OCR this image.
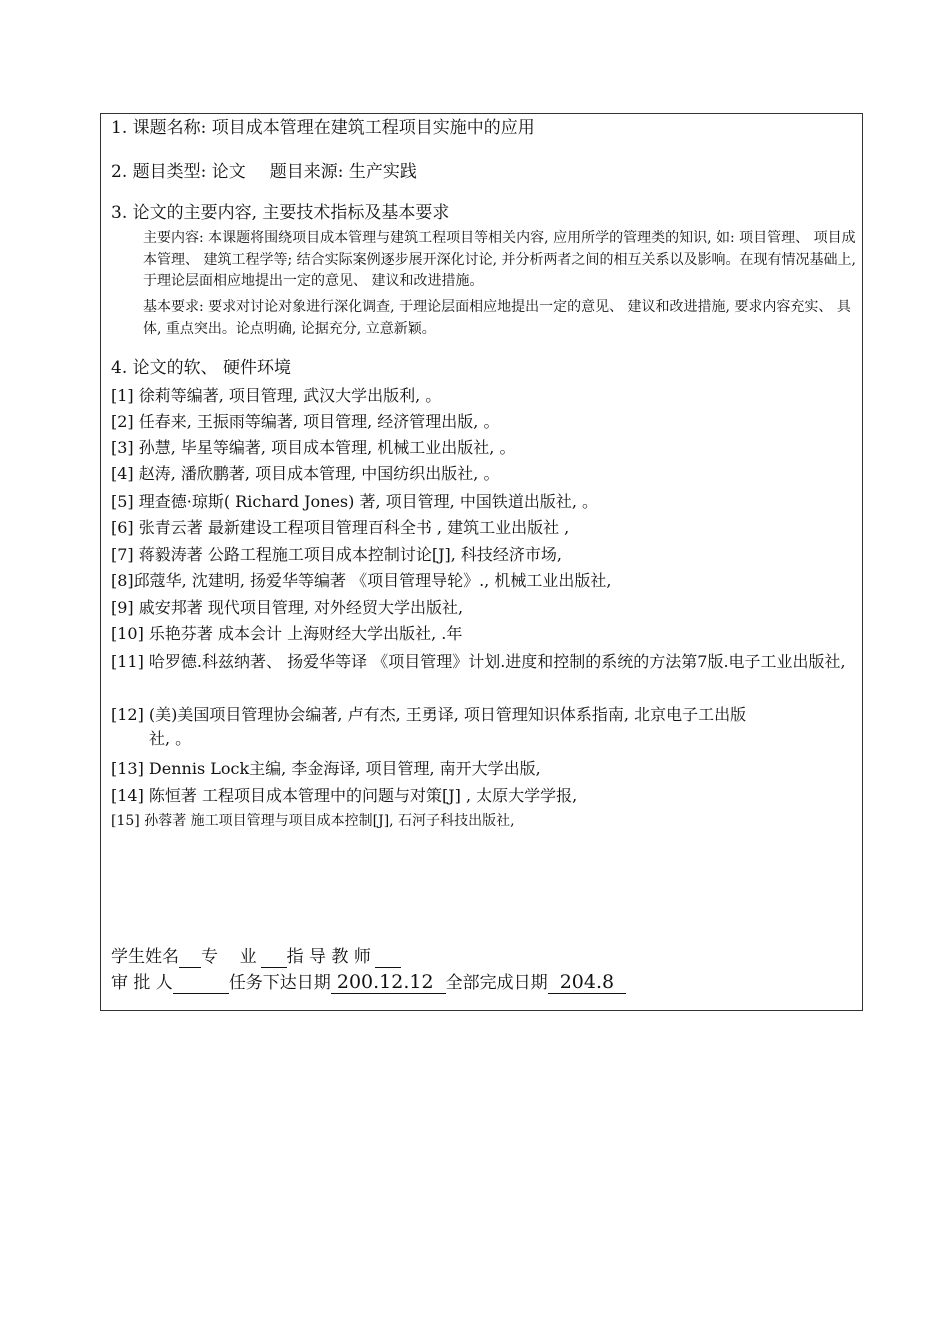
1. 课题名称: 项目成本管理在建筑工程项目实施中的应用
2. 题目类型: 论文 题目来源: 生产实践
3. 论文的主要内容, 主要技术指标及基本要求
主要内容: 本课题将围绕项目成本管理与建筑工程项目等相关内容, 应用所学的管理类的知识, 如: 项目管理、 项目成本管理、 建筑工程学等; 结合实际案例逐步展开深化讨论, 并分析两者之间的相互关系以及影响。在现有情况基础上, 于理论层面相应地提出一定的意见、 建议和改进措施。
基本要求: 要求对讨论对象进行深化调查, 于理论层面相应地提出一定的意见、 建议和改进措施, 要求内容充实、 具体, 重点突出。论点明确, 论据充分, 立意新颖。
4. 论文的软、 硬件环境
[1] 徐莉等编著, 项目管理, 武汉大学出版利, 。
[2] 任春来, 王振雨等编著, 项目管理, 经济管理出版, 。
[3] 孙慧, 毕星等编著, 项目成本管理, 机械工业出版社, 。
[4] 赵涛, 潘欣鹏著, 项目成本管理, 中国纺织出版社, 。
[5] 理查德·琼斯( Richard Jones) 著, 项目管理, 中国铁道出版社, 。
[6] 张青云著 最新建设工程项目管理百科全书 , 建筑工业出版社 ,
[7] 蒋毅涛著 公路工程施工项目成本控制讨论[J], 科技经济市场,
[8]邱蔻华, 沈建明, 扬爱华等编著 《项目管理导轮》., 机械工业出版社,
[9] 戚安邦著 现代项目管理, 对外经贸大学出版社,
[10] 乐艳芬著 成本会计 上海财经大学出版社, .年
[11] 哈罗德.科兹纳著、 扬爱华等译 《项目管理》计划.进度和控制的系统的方法第7版.电子工业出版社,
[12] (美)美国项目管理协会编著, 卢有杰, 王勇译, 项日管理知识体系指南, 北京电子工出版
社, 。
[13] Dennis Lock主编, 李金海译, 项目管理, 南开大学出版,
[14] 陈恒著 工程项目成本管理中的问题与对策[J] , 太原大学学报,
[15] 孙蓉著 施工项目管理与项目成本控制[J], 石河子科技出版社,
学生姓名 专    业 指 导 教 师
审 批 人	任务下达日期 200.12.12  全部完成日期  204.8
